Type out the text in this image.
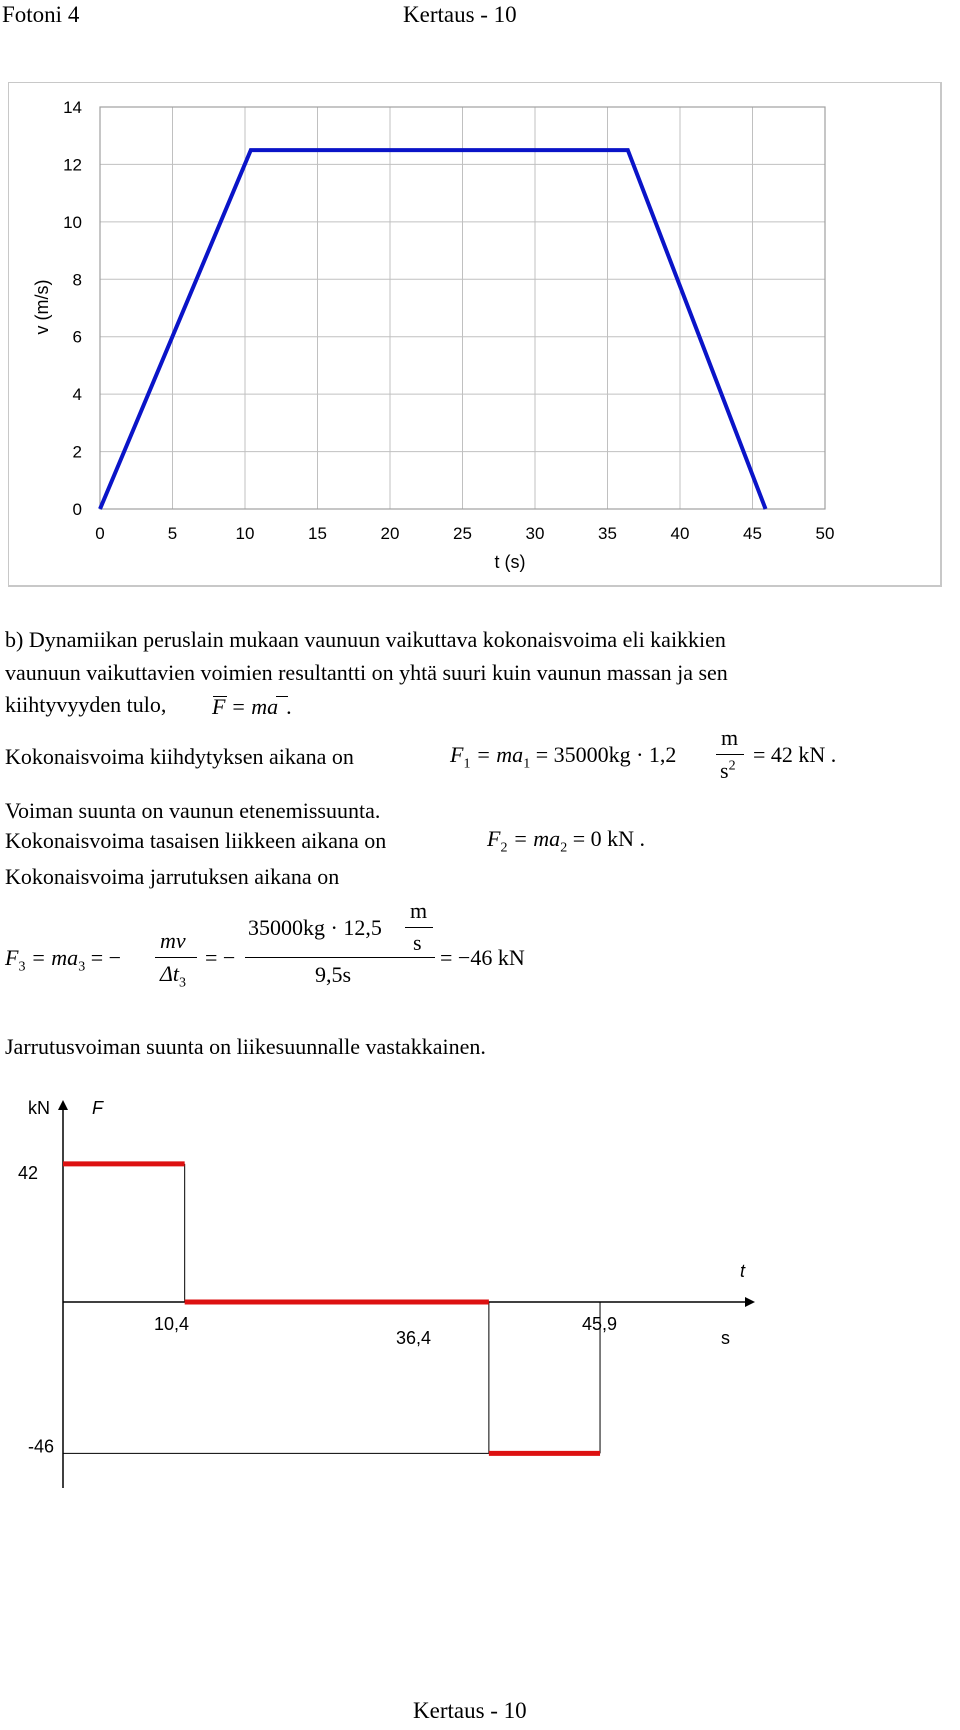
Fotoni 4	Kertaus - 10
0
2
4
6
8
10
12
14
0	5	10	15	20	25	30	35	40	45	50
t (s)
v (m/s)
b) Dynamiikan peruslain mukaan vaunuun vaikuttava kokonaisvoima eli kaikkien
vaunuun vaikuttavien voimien resultantti on yhtä suuri kuin vaunun massan ja sen
kiihtyvyyden tulo, F = ma .
Kokonaisvoima kiihdytyksen aikana on	$F_1 = ma_1 = 35000kg \cdot 1,2$
m
$s^2 = 42$ kN .
Voiman suunta on vaunun etenemissuunta.
Kokonaisvoima tasaisen liikkeen aikana on	$F_2 = ma_2 = 0$ kN .
Kokonaisvoima jarrutuksen aikana on
$F_3 = ma_3$ = −
mv
$\Delta t_3$
= −
35000kg · 12,5
m
s
9,5s
= −46 kN
Jarrutusvoiman suunta on liikesuunnalle vastakkainen.
kN F
42
-46
t
s
10,4
36,4
45,9
Kertaus - 10
